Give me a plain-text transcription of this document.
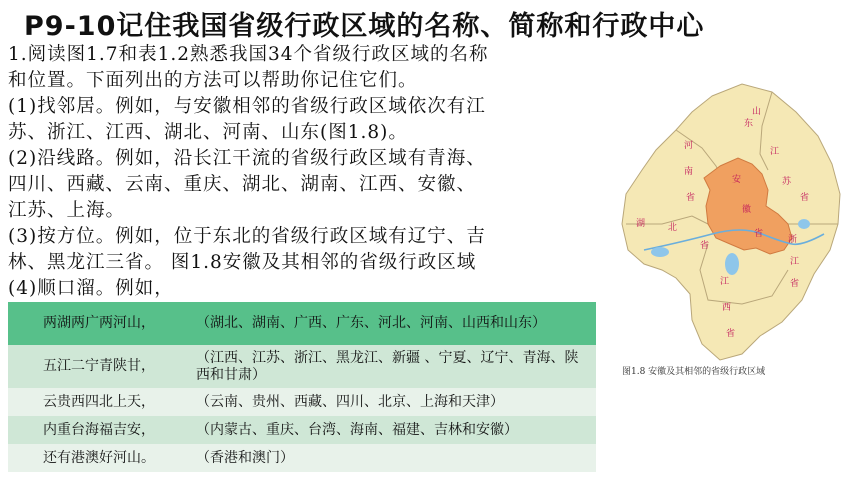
P9-10记住我国省级行政区域的名称、简称和行政中心
1.阅读图1.7和表1.2熟悉我国34个省级行政区域的名称
和位置。下面列出的方法可以帮助你记住它们。
(1)找邻居。例如，与安徽相邻的省级行政区域依次有江
苏、浙江、江西、湖北、河南、山东(图1.8)。
(2)沿线路。例如，沿长江干流的省级行政区域有青海、
四川、西藏、云南、重庆、湖北、湖南、江西、安徽、
江苏、上海。
(3)按方位。例如，位于东北的省级行政区域有辽宁、吉
林、黑龙江三省。 图1.8安徽及其相邻的省级行政区域
(4)顺口溜。例如，
两湖两广两河山，	（湖北、湖南、广西、广东、河北、河南、山西和山东）
五江二宁青陕甘，	（江西、江苏、浙江、黑龙江、新疆 、宁夏、辽宁、青海、陕西和甘肃）
云贵西四北上天，	（云南、贵州、西藏、四川、北京、上海和天津）
内重台海福吉安，	（内蒙古、重庆、台湾、海南、福建、吉林和安徽）
还有港澳好河山。	（香港和澳门）
山
东
河
南
省
安
徽
省
湖	北
省
江
苏
省
浙
江
省
江
西
省
图1.8 安徽及其相邻的省级行政区域
